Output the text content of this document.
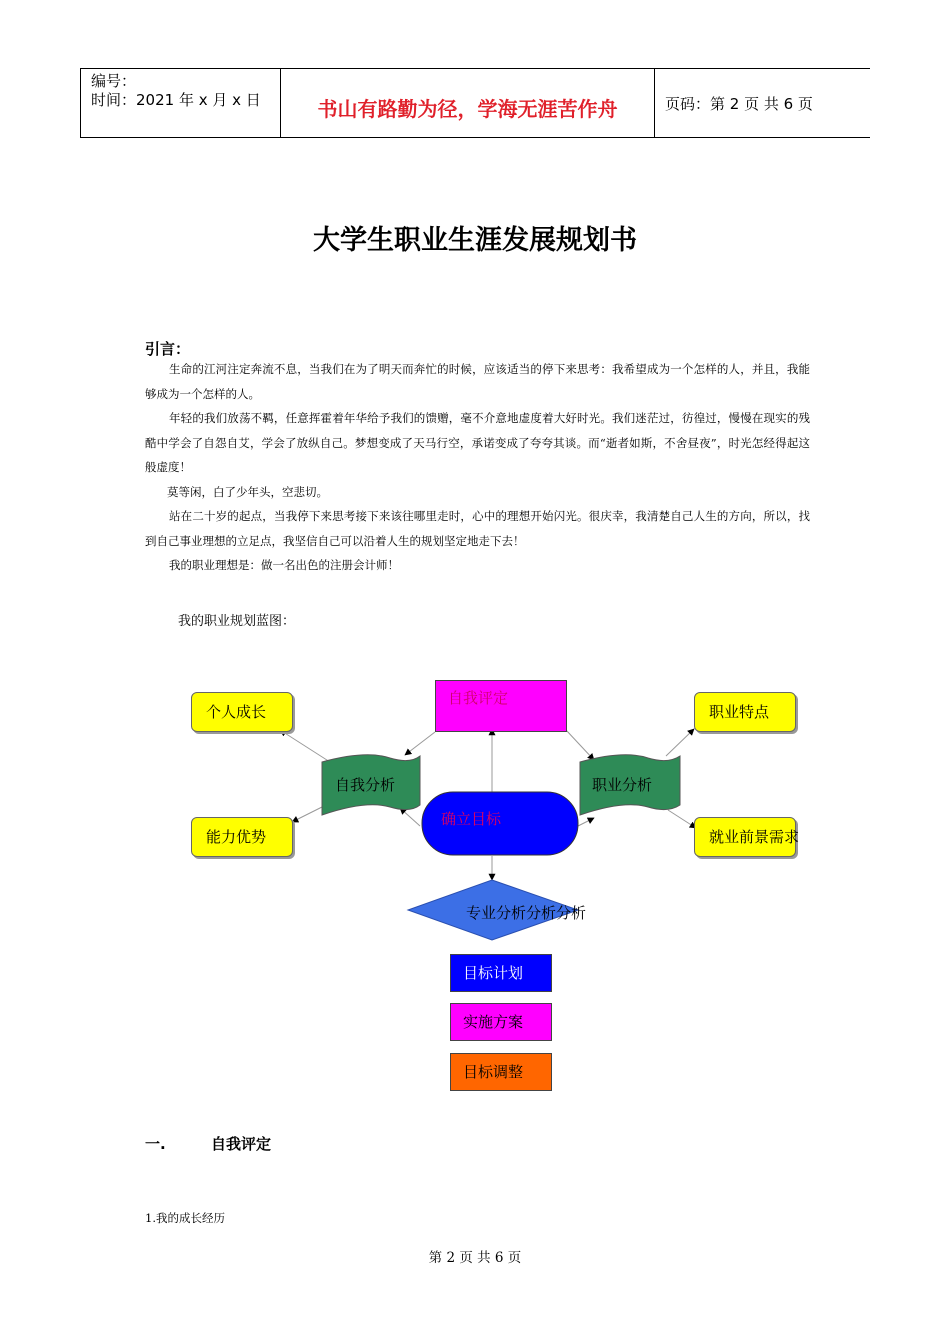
编号：
时间：2021 年 x 月 x 日	书山有路勤为径，学海无涯苦作舟	页码：第 2 页 共 6 页
大学生职业生涯发展规划书
引言：

生命的江河注定奔流不息，当我们在为了明天而奔忙的时候，应该适当的停下来思考：我希望成为一个怎样的人，并且，我能够成为一个怎样的人。

年轻的我们放荡不羁，任意挥霍着年华给予我们的馈赠，毫不介意地虚度着大好时光。我们迷茫过，彷徨过，慢慢在现实的残酷中学会了自怨自艾，学会了放纵自己。梦想变成了天马行空，承诺变成了夸夸其谈。而“逝者如斯，不舍昼夜”，时光怎经得起这般虚度！

莫等闲，白了少年头，空悲切。

站在二十岁的起点，当我停下来思考接下来该往哪里走时，心中的理想开始闪光。很庆幸，我清楚自己人生的方向，所以，找到自己事业理想的立足点，我坚信自己可以沿着人生的规划坚定地走下去！

我的职业理想是：做一名出色的注册会计师！

我的职业规划蓝图：
个人成长
能力优势
职业特点
就业前景需求
自我评定
自我分析	职业分析
确立目标
专业分析分析分析
目标计划
实施方案
目标调整
一.	自我评定
1.我的成长经历
第 2 页 共 6 页
